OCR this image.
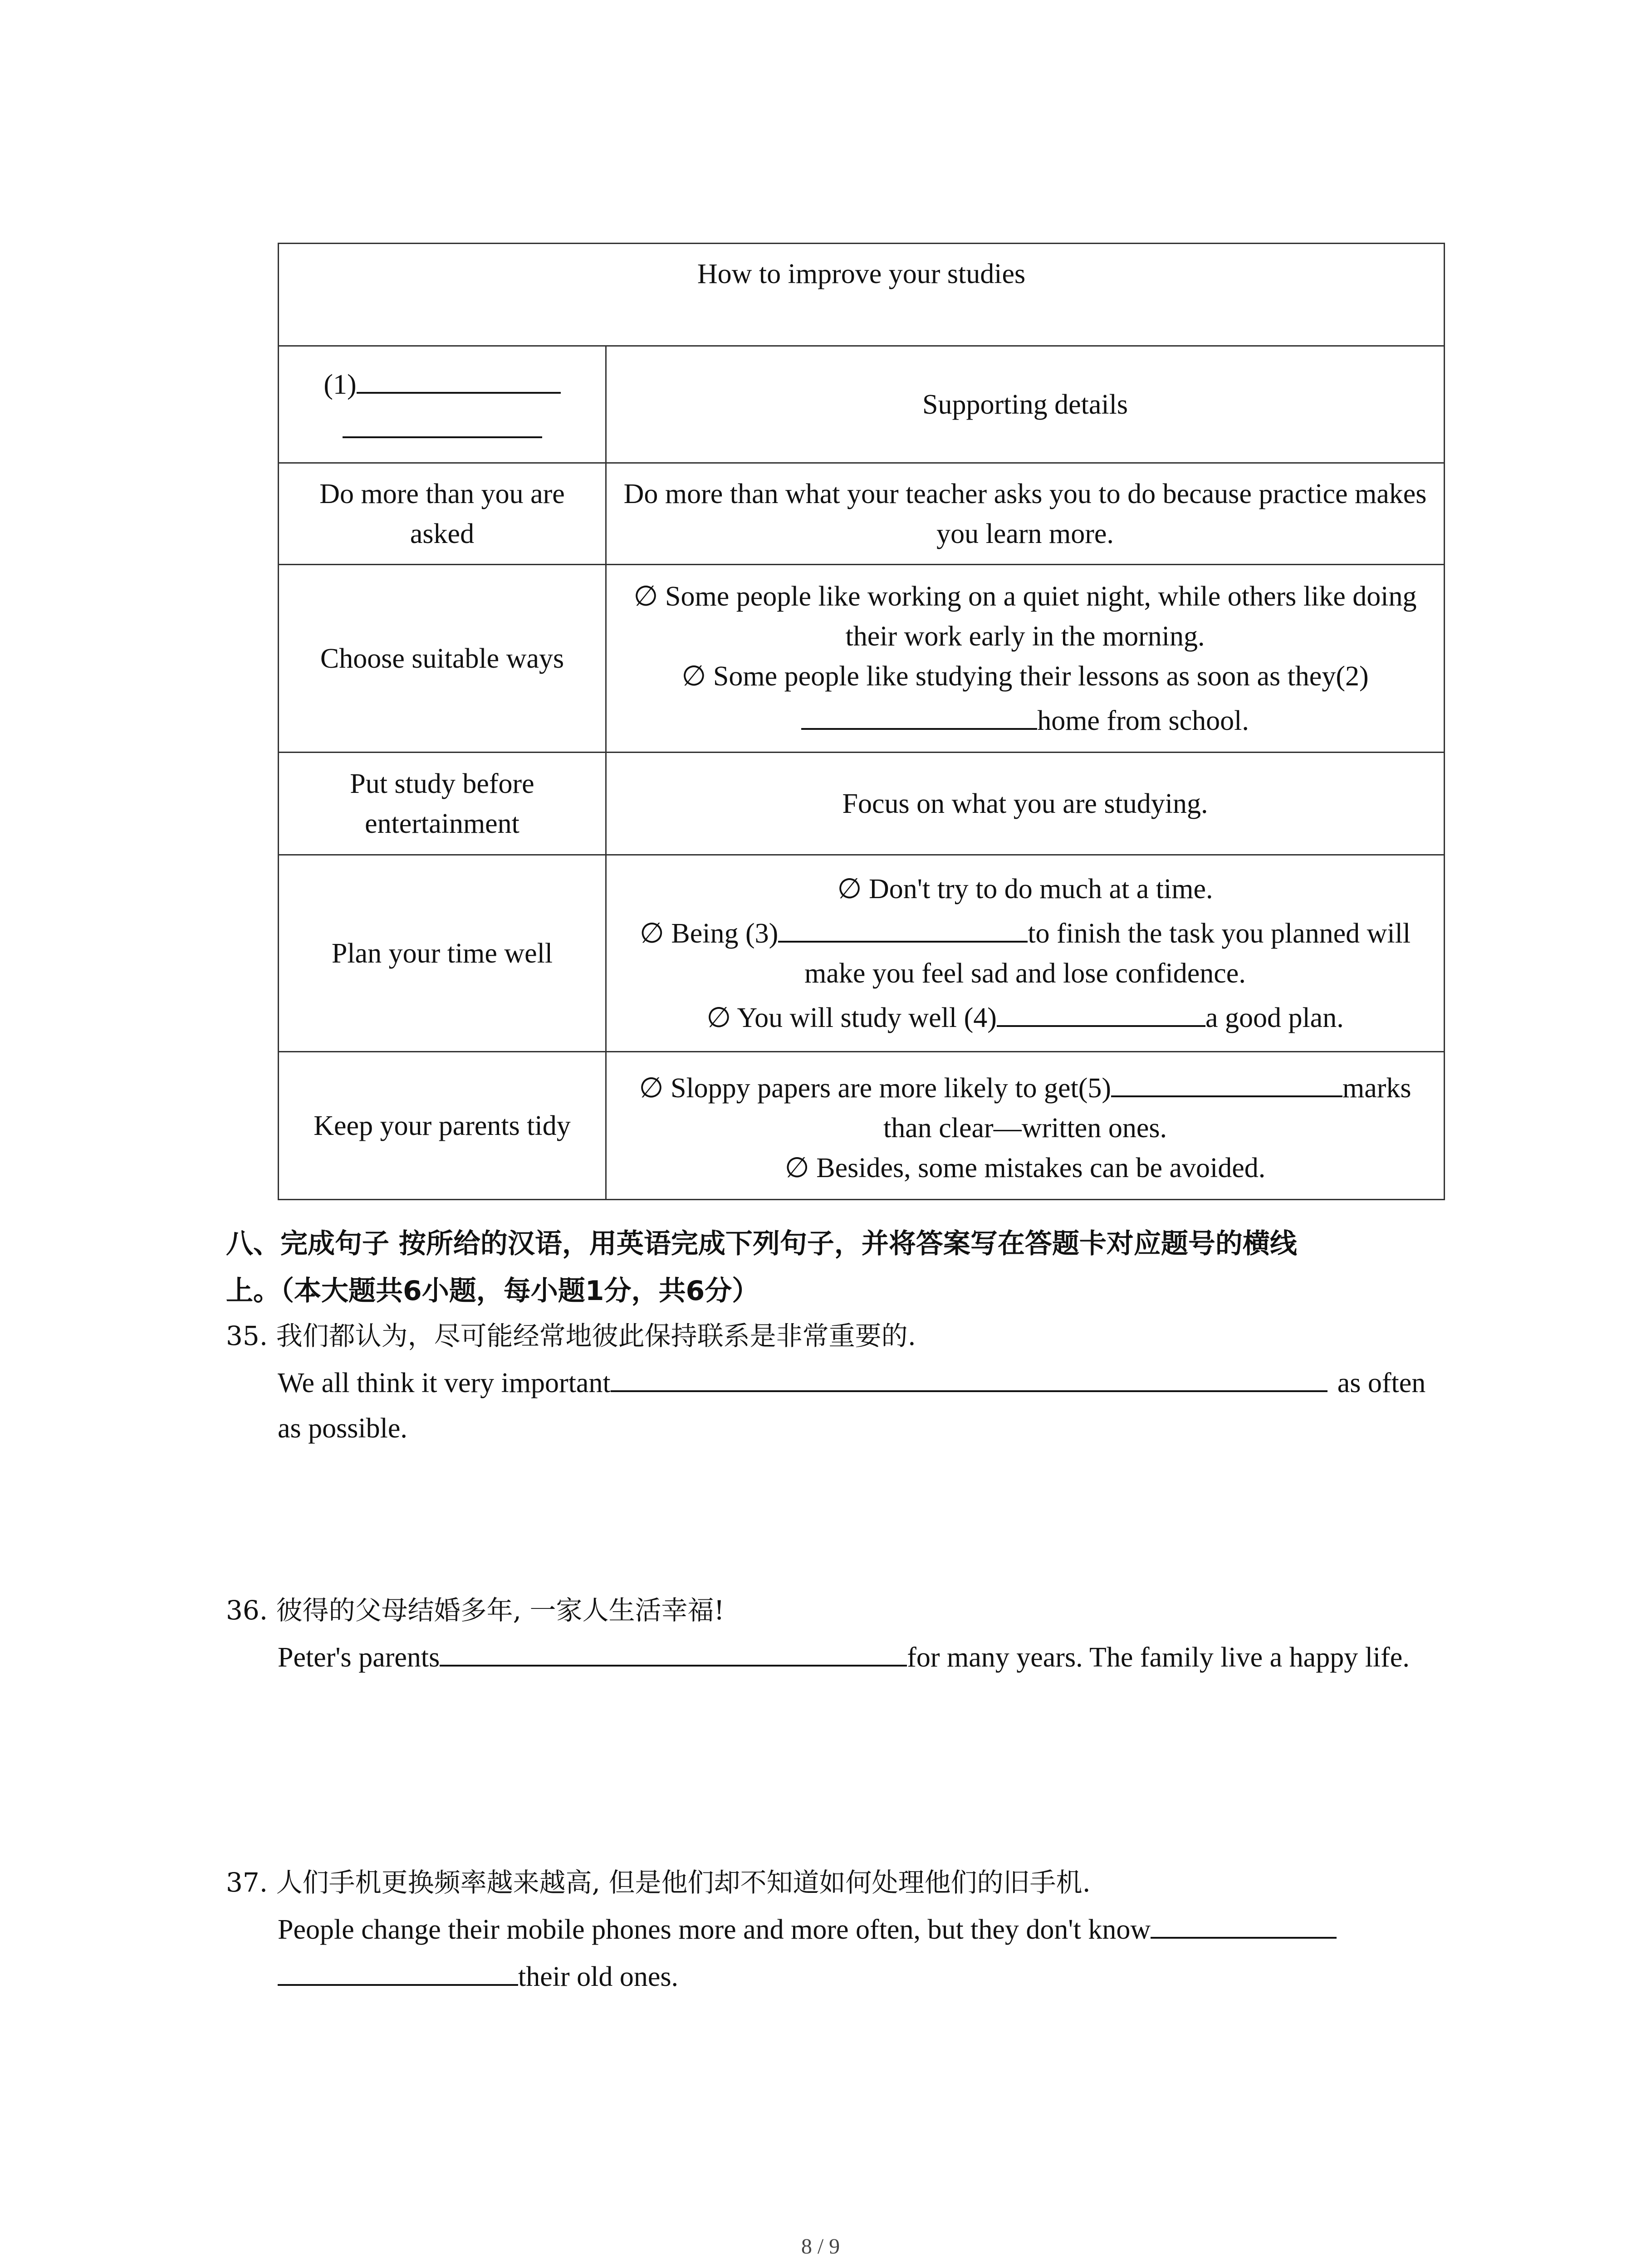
How to improve your studies	
(1)	Supporting details
Do more than you are asked	Do more than what your teacher asks you to do because practice makes you learn more.
Choose suitable ways	∅ Some people like working on a quiet night, while others like doing their work early in the morning.
∅ Some people like studying their lessons as soon as they(2)
home from school.

Put study before entertainment	Focus on what you are studying.
Plan your time well	∅ Don't try to do much at a time.
∅ Being (3) to finish the task you planned will make you feel sad and lose confidence.
∅ You will study well (4) a good plan.

Keep your parents tidy	∅ Sloppy papers are more likely to get(5) marks than clear—written ones.
∅ Besides, some mistakes can be avoided.
八、完成句子 按所给的汉语，用英语完成下列句子，并将答案写在答题卡对应题号的横线
上。（本大题共6小题，每小题1分，共6分）
35. 我们都认为，尽可能经常地彼此保持联系是非常重要的.
We all think it very important	as often as possible.
36. 彼得的父母结婚多年, 一家人生活幸福!
Peter's parents	for many years. The family live a happy life.
37. 人们手机更换频率越来越高, 但是他们却不知道如何处理他们的旧手机.
People change their mobile phones more and more often, but they don't know
their old ones.
8 / 9
